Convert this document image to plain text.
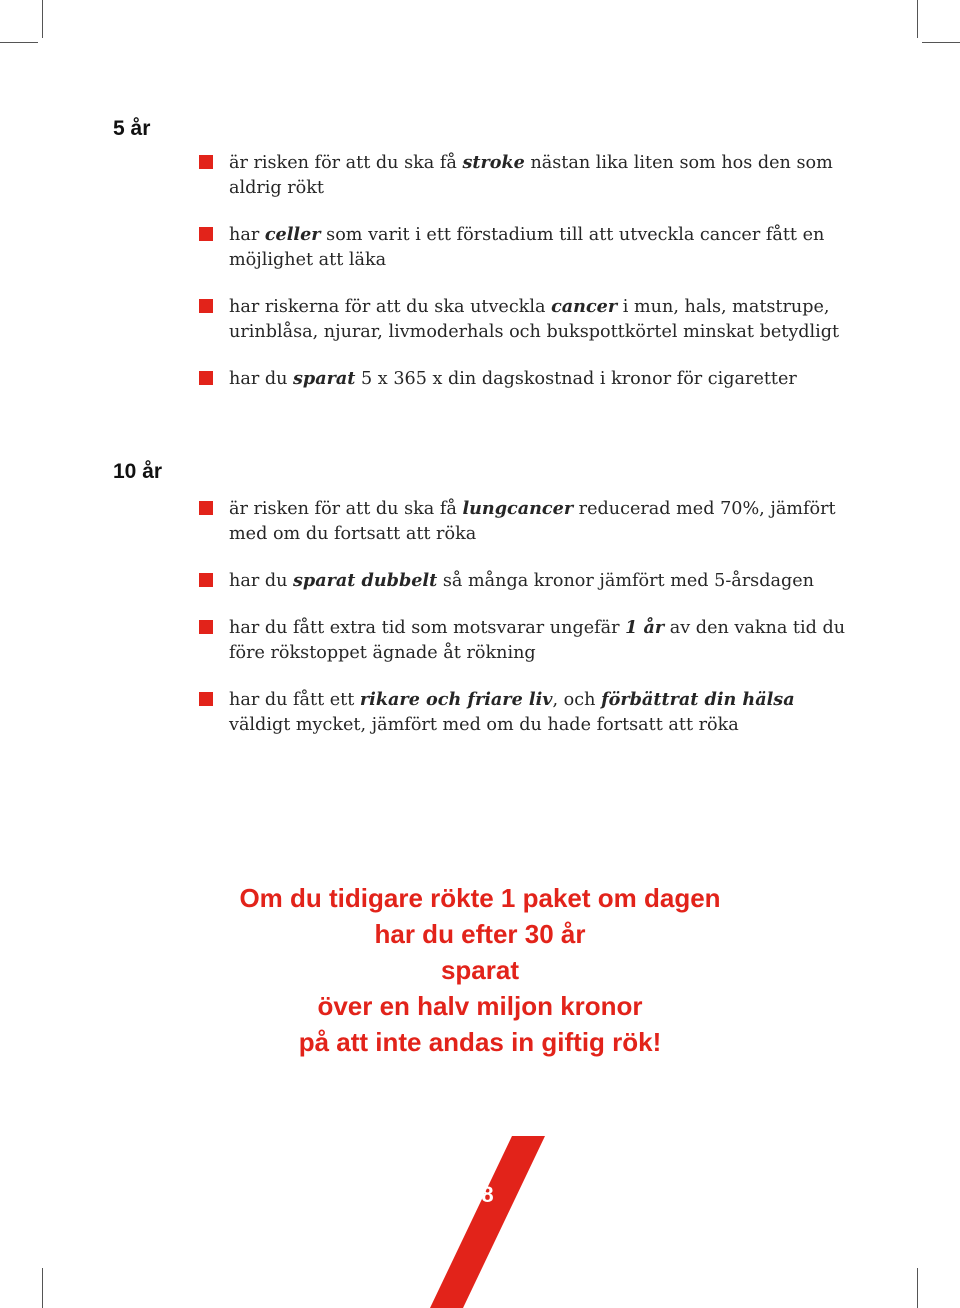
5 år
är risken för att du ska få stroke nästan lika liten som hos den som aldrig rökt
har celler som varit i ett förstadium till att utveckla cancer fått en möjlighet att läka
har riskerna för att du ska utveckla cancer i mun, hals, matstrupe, urinblåsa, njurar, livmoderhals och bukspottkörtel minskat betydligt
har du sparat 5 x 365 x din dagskostnad i kronor för cigaretter
10 år
är risken för att du ska få lungcancer reducerad med 70%, jämfört med om du fortsatt att röka
har du sparat dubbelt så många kronor jämfört med 5-årsdagen
har du fått extra tid som motsvarar ungefär 1 år av den vakna tid du före rökstoppet ägnade åt rökning
har du fått ett rikare och friare liv, och förbättrat din hälsa väldigt mycket, jämfört med om du hade fortsatt att röka
Om du tidigare rökte 1 paket om dagen
har du efter 30 år
sparat
över en halv miljon kronor
på att inte andas in giftig rök!
8
